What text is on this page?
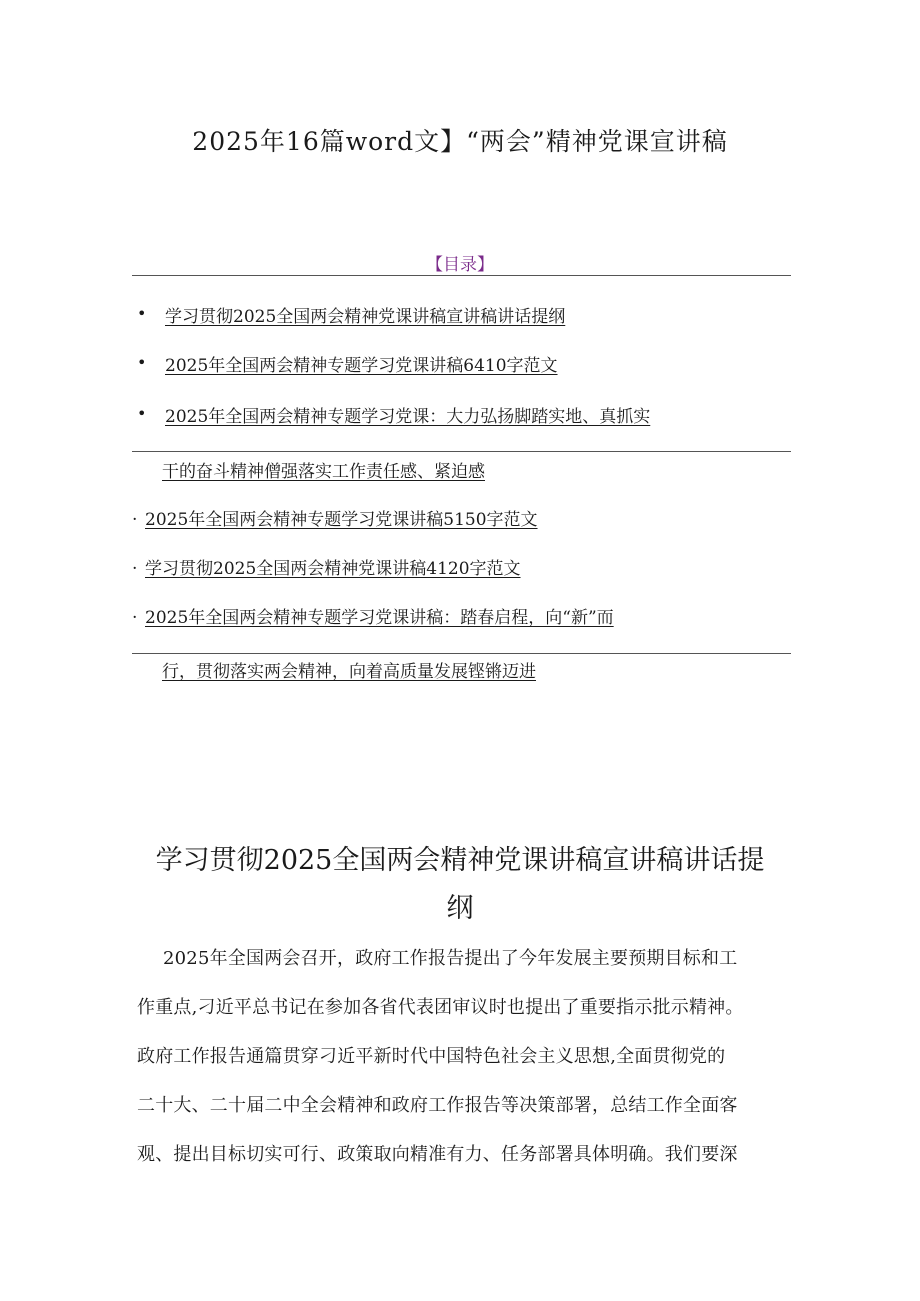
2025年16篇word文】“两会”精神党课宣讲稿
【目录】
• 学习贯彻2025全国两会精神党课讲稿宣讲稿讲话提纲
• 2025年全国两会精神专题学习党课讲稿6410字范文
• 2025年全国两会精神专题学习党课：大力弘扬脚踏实地、真抓实
干的奋斗精神僧强落实工作责任感、紧迫感
. 2025年全国两会精神专题学习党课讲稿5150字范文
. 学习贯彻2025全国两会精神党课讲稿4120字范文
. 2025年全国两会精神专题学习党课讲稿：踏春启程，向“新”而
行，贯彻落实两会精神，向着高质量发展铿锵迈进
学习贯彻2025全国两会精神党课讲稿宣讲稿讲话提
纲
2025年全国两会召开，政府工作报告提出了今年发展主要预期目标和工
作重点,刁近平总书记在参加各省代表团审议时也提出了重要指示批示精神。
政府工作报告通篇贯穿刁近平新时代中国特色社会主义思想,全面贯彻党的
二十大、二十届二中全会精神和政府工作报告等决策部署，总结工作全面客
观、提出目标切实可行、政策取向精准有力、任务部署具体明确。我们要深
